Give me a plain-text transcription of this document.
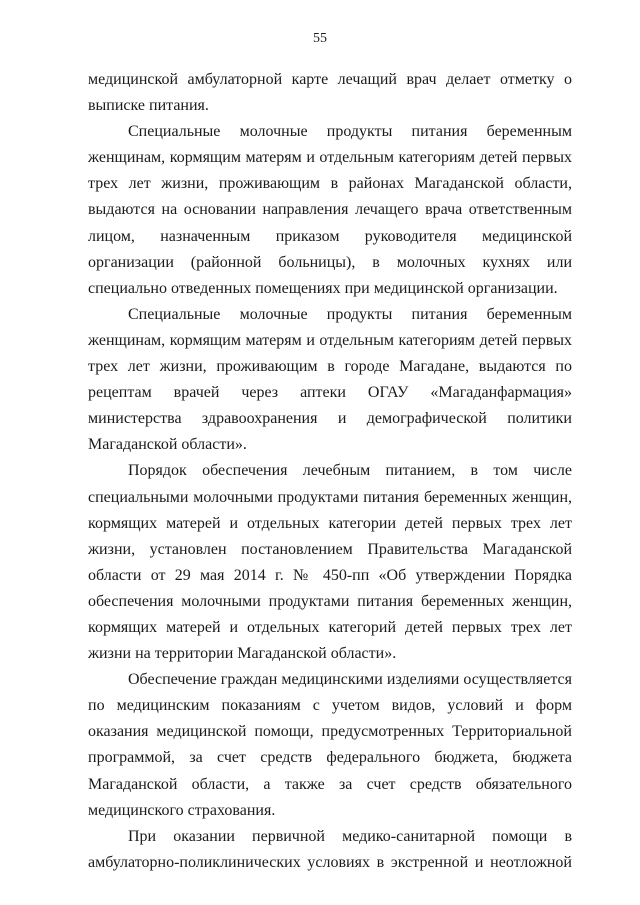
55

медицинской амбулаторной карте лечащий врач делает отметку о выписке питания.

Специальные молочные продукты питания беременным женщинам, кормящим матерям и отдельным категориям детей первых трех лет жизни, проживающим в районах Магаданской области, выдаются на основании направления лечащего врача ответственным лицом, назначенным приказом руководителя медицинской организации (районной больницы), в молочных кухнях или специально отведенных помещениях при медицинской организации.

Специальные молочные продукты питания беременным женщинам, кормящим матерям и отдельным категориям детей первых трех лет жизни, проживающим в городе Магадане, выдаются по рецептам врачей через аптеки ОГАУ «Магаданфармация» министерства здравоохранения и демографической политики Магаданской области».

Порядок обеспечения лечебным питанием, в том числе специальными молочными продуктами питания беременных женщин, кормящих матерей и отдельных категории детей первых трех лет жизни, установлен постановлением Правительства Магаданской области от 29 мая 2014 г. № 450-пп «Об утверждении Порядка обеспечения молочными продуктами питания беременных женщин, кормящих матерей и отдельных категорий детей первых трех лет жизни на территории Магаданской области».

Обеспечение граждан медицинскими изделиями осуществляется по медицинским показаниям с учетом видов, условий и форм оказания медицинской помощи, предусмотренных Территориальной программой, за счет средств федерального бюджета, бюджета Магаданской области, а также за счет средств обязательного медицинского страхования.

При оказании первичной медико-санитарной помощи в амбулаторно-поликлинических условиях в экстренной и неотложной
